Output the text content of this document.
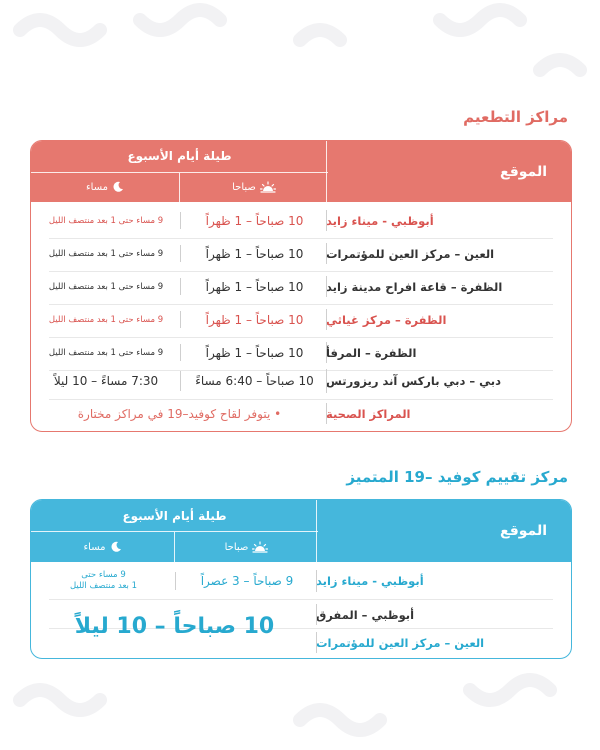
مراكز التطعيم
الموقع
طيلة أيام الأسبوع
مساء	صباحا
أبوظبي - ميناء زايد
10 صباحاً – 1 ظهراً
9 مساء حتى 1 بعد منتصف الليل
العين – مركز العين للمؤتمرات
10 صباحاً – 1 ظهراً
9 مساء حتى 1 بعد منتصف الليل
الظفرة – قاعة افراح مدينة زايد
10 صباحاً – 1 ظهراً
9 مساء حتى 1 بعد منتصف الليل
الظفرة – مركز غياثي
10 صباحاً – 1 ظهراً
9 مساء حتى 1 بعد منتصف الليل
الظفرة – المرفأ
10 صباحاً – 1 ظهراً
9 مساء حتى 1 بعد منتصف الليل
دبي – دبي باركس آند ريزورتس
10 صباحاً – 6:40 مساءً
7:30 مساءً – 10 ليلاً
المراكز الصحية
• يتوفر لقاح كوفيد–19 في مراكز مختارة
مركز تقييم كوفيد –19 المتميز
الموقع
طيلة أيام الأسبوع
مساء	صباحا
أبوظبي - ميناء زايد
9 صباحاً – 3 عصراً
9 مساء حتى
1 بعد منتصف الليل
أبوظبي – المفرق
العين – مركز العين للمؤتمرات
10 صباحاً – 10 ليلاً
